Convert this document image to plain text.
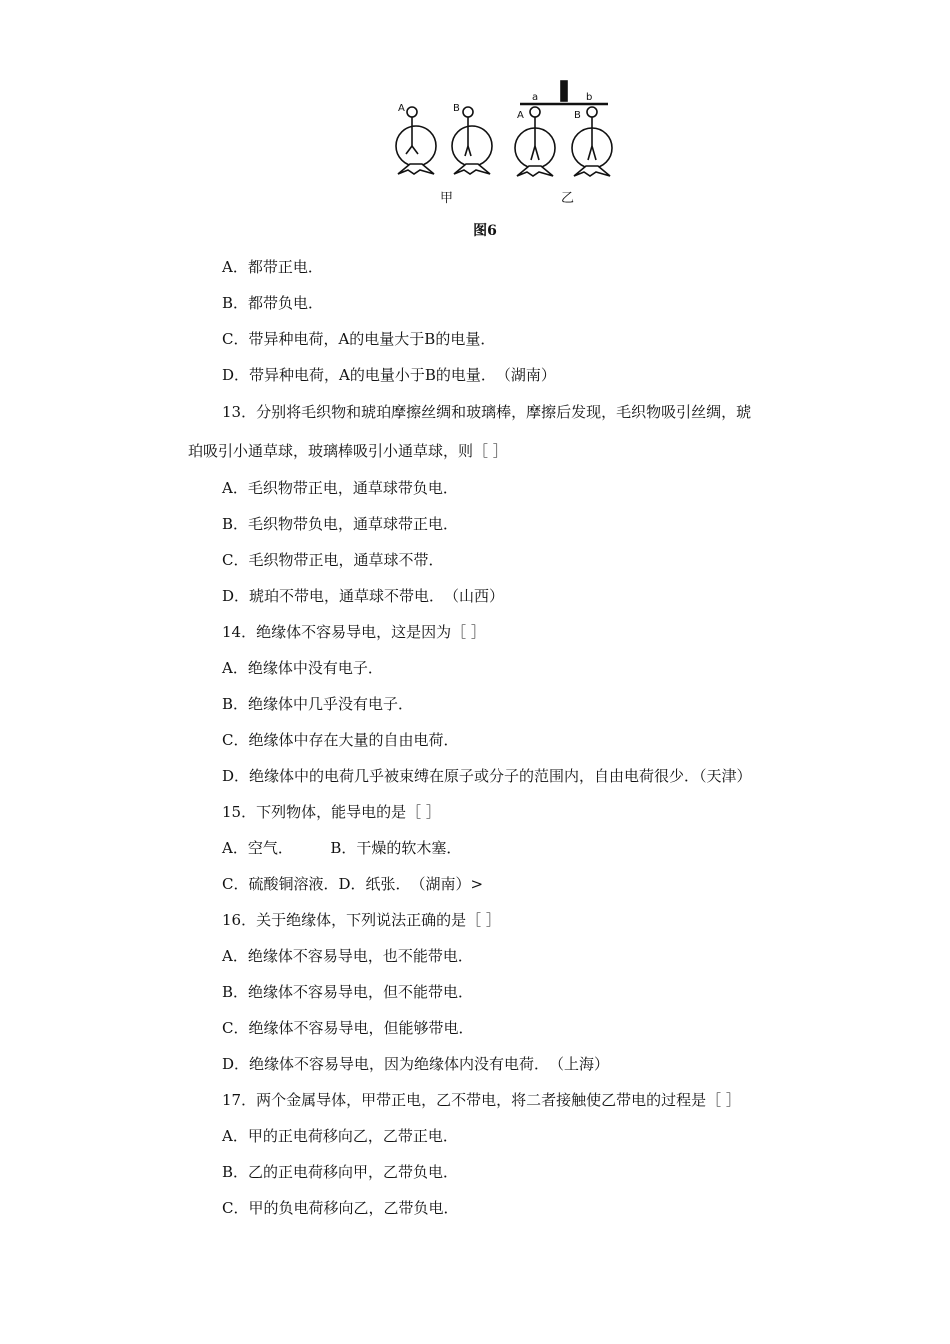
A	B
A	B
a	b
甲	乙
图6
A．都带正电．
B．都带负电．
C．带异种电荷，A的电量大于B的电量．
D．带异种电荷，A的电量小于B的电量．　（湖南）
13．分别将毛织物和琥珀摩擦丝绸和玻璃棒，摩擦后发现，毛织物吸引丝绸，琥
珀吸引小通草球，玻璃棒吸引小通草球，则［ ］
A．毛织物带正电，通草球带负电．
B．毛织物带负电，通草球带正电．
C．毛织物带正电，通草球不带．
D．琥珀不带电，通草球不带电．　（山西）
14．绝缘体不容易导电，这是因为［ ］
A．绝缘体中没有电子．
B．绝缘体中几乎没有电子．
C．绝缘体中存在大量的自由电荷．
D．绝缘体中的电荷几乎被束缚在原子或分子的范围内，自由电荷很少．（天津）
15．下列物体，能导电的是［ ］
A．空气．　　　B．干燥的软木塞．
C．硫酸铜溶液．D．纸张．　（湖南）>
16．关于绝缘体，下列说法正确的是［ ］
A．绝缘体不容易导电，也不能带电．
B．绝缘体不容易导电，但不能带电．
C．绝缘体不容易导电，但能够带电．
D．绝缘体不容易导电，因为绝缘体内没有电荷．　（上海）
17．两个金属导体，甲带正电，乙不带电，将二者接触使乙带电的过程是［ ］
A．甲的正电荷移向乙，乙带正电．
B．乙的正电荷移向甲，乙带负电．
C．甲的负电荷移向乙，乙带负电．
